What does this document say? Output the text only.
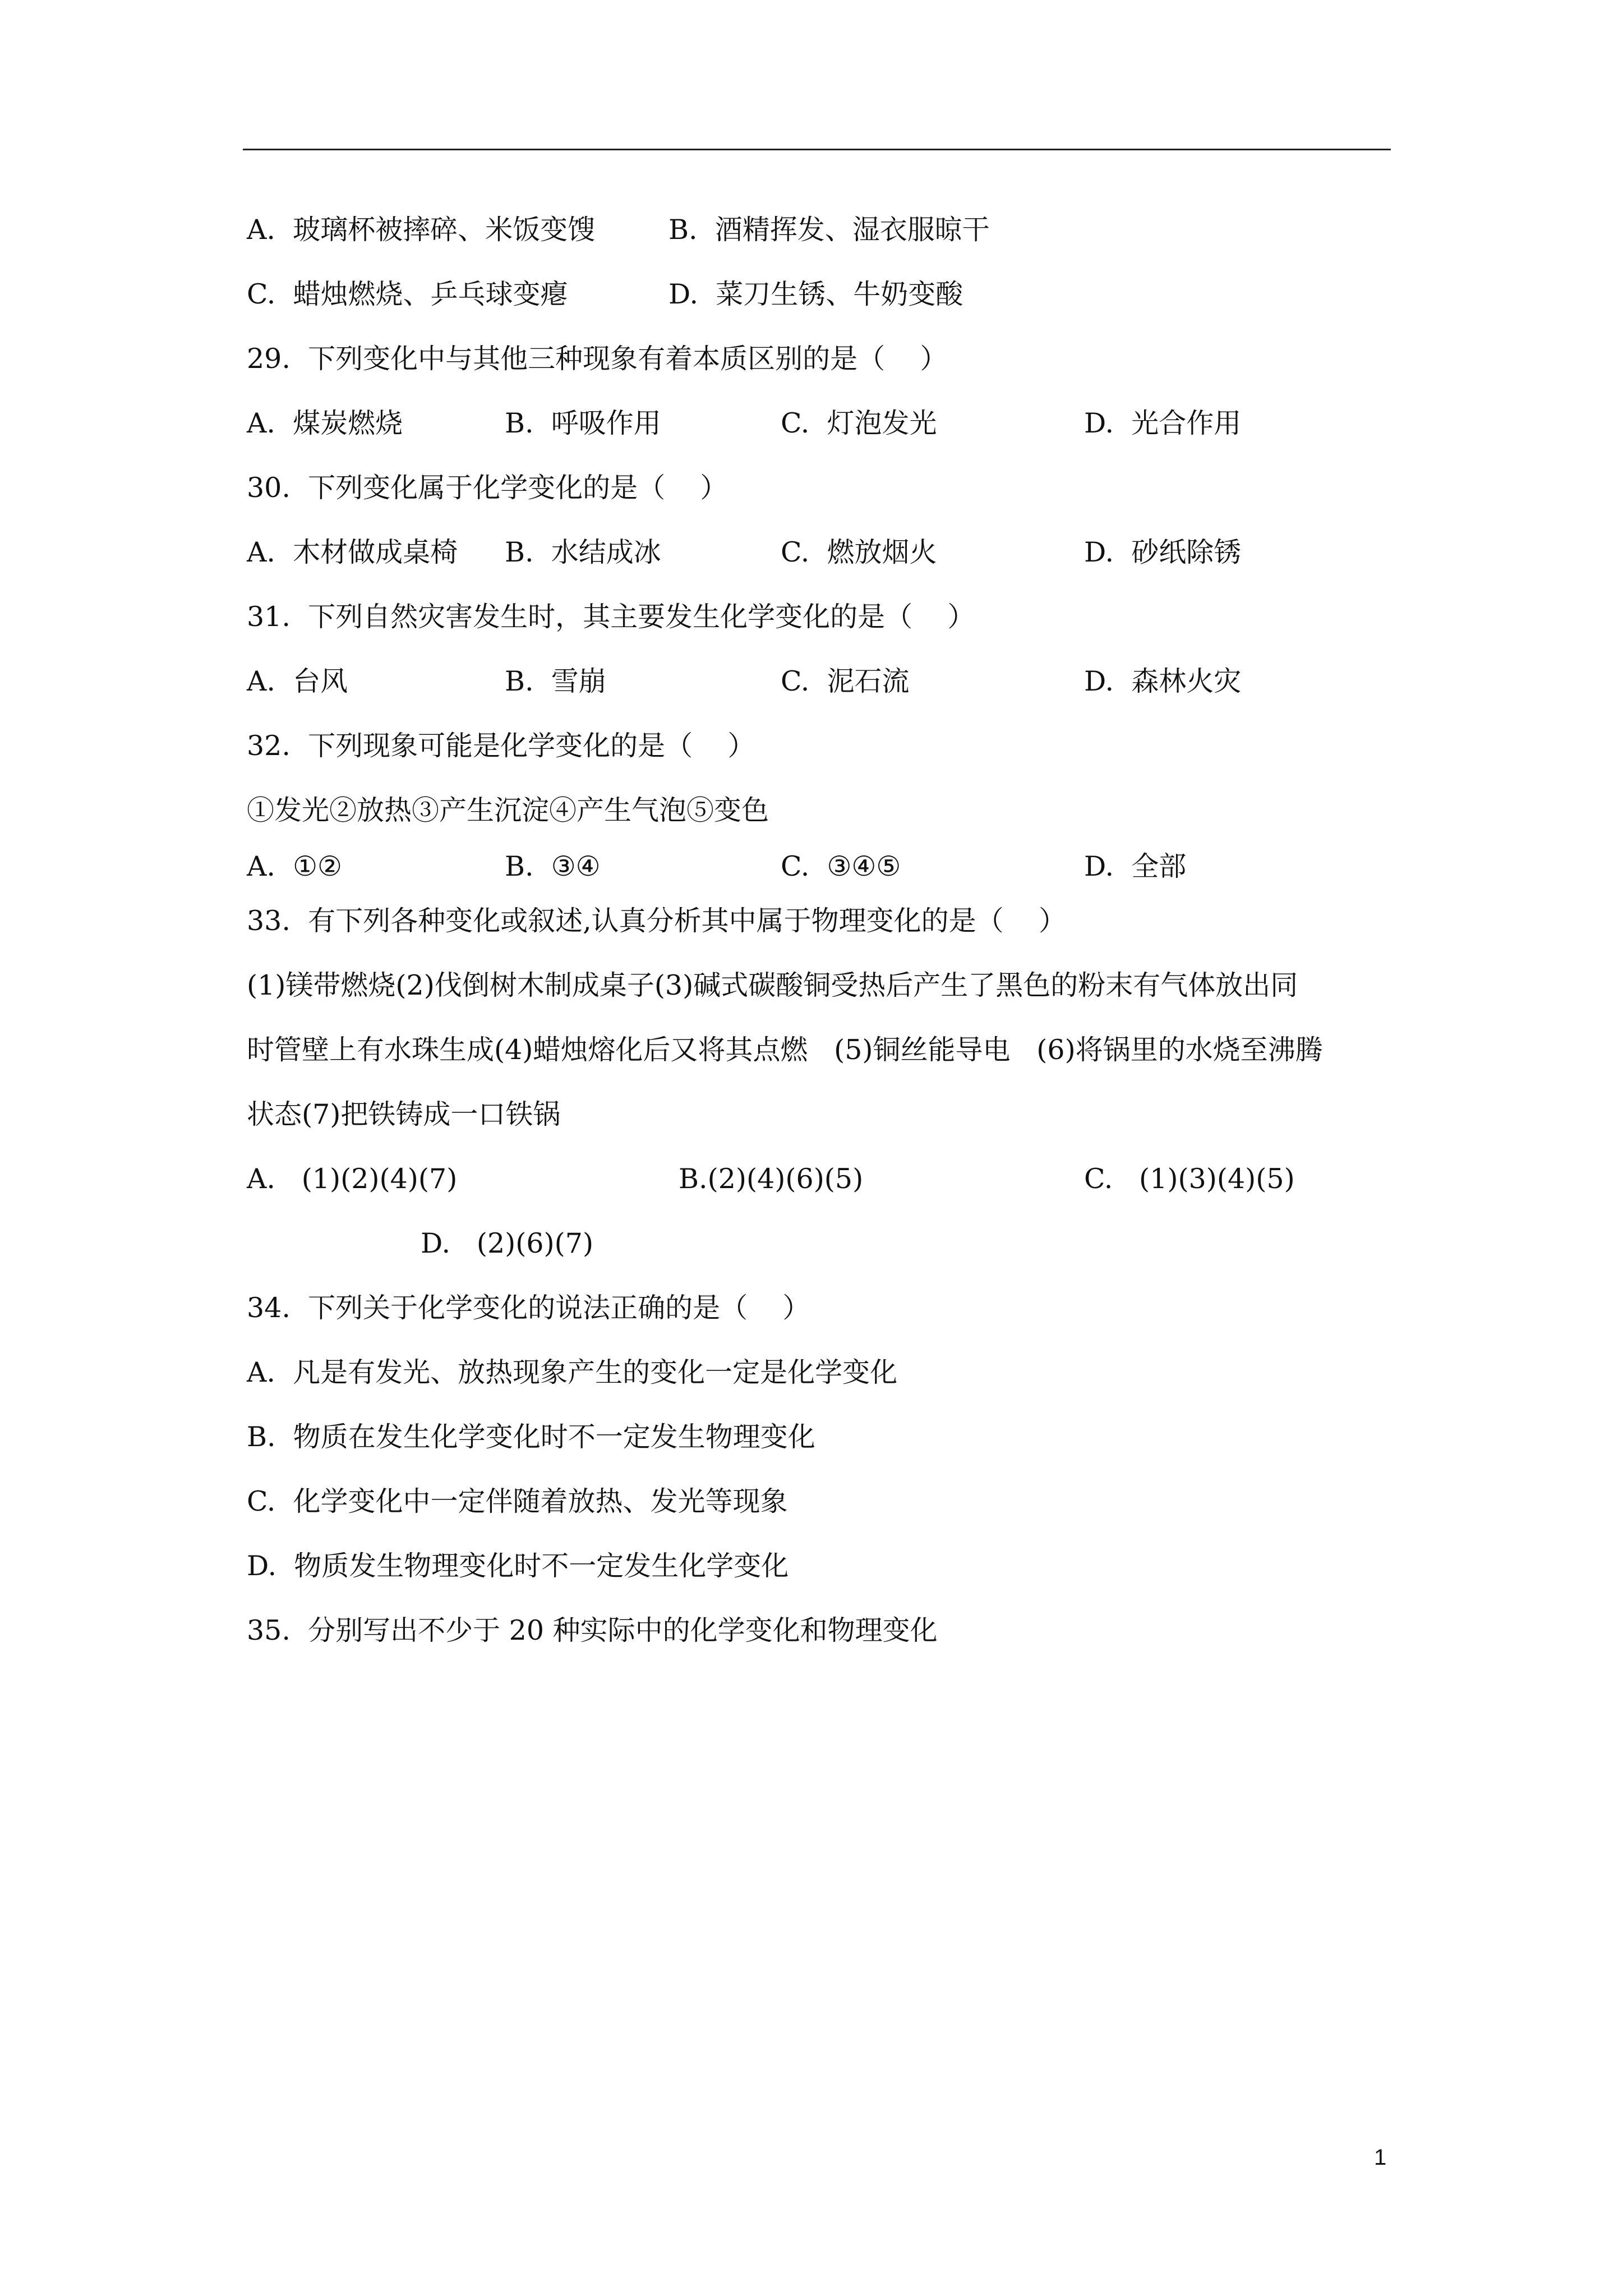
A.  玻璃杯被摔碎、米饭变馊	B.  酒精挥发、湿衣服晾干
C.  蜡烛燃烧、乒乓球变瘪	D.  菜刀生锈、牛奶变酸
29.  下列变化中与其他三种现象有着本质区别的是（    ）
A.  煤炭燃烧	B.  呼吸作用	C.  灯泡发光	D.  光合作用
30.  下列变化属于化学变化的是（    ）
A.  木材做成桌椅 B.  水结成冰	C.  燃放烟火	D.  砂纸除锈
31.  下列自然灾害发生时，其主要发生化学变化的是（    ）
A.  台风	B.  雪崩	C.  泥石流	D.  森林火灾
32.  下列现象可能是化学变化的是（    ）
①发光②放热③产生沉淀④产生气泡⑤变色
A.  ①②	B.  ③④	C.  ③④⑤	D.  全部
33.  有下列各种变化或叙述,认真分析其中属于物理变化的是（    ）
(1)镁带燃烧(2)伐倒树木制成桌子(3)碱式碳酸铜受热后产生了黑色的粉末有气体放出同
时管壁上有水珠生成(4)蜡烛熔化后又将其点燃   (5)铜丝能导电   (6)将锅里的水烧至沸腾
状态(7)把铁铸成一口铁锅
A.   (1)(2)(4)(7)	B.(2)(4)(6)(5)	C.   (1)(3)(4)(5)
D.   (2)(6)(7)
34.  下列关于化学变化的说法正确的是（    ）
A.  凡是有发光、放热现象产生的变化一定是化学变化
B.  物质在发生化学变化时不一定发生物理变化
C.  化学变化中一定伴随着放热、发光等现象
D.  物质发生物理变化时不一定发生化学变化
35.  分别写出不少于 20 种实际中的化学变化和物理变化
1
